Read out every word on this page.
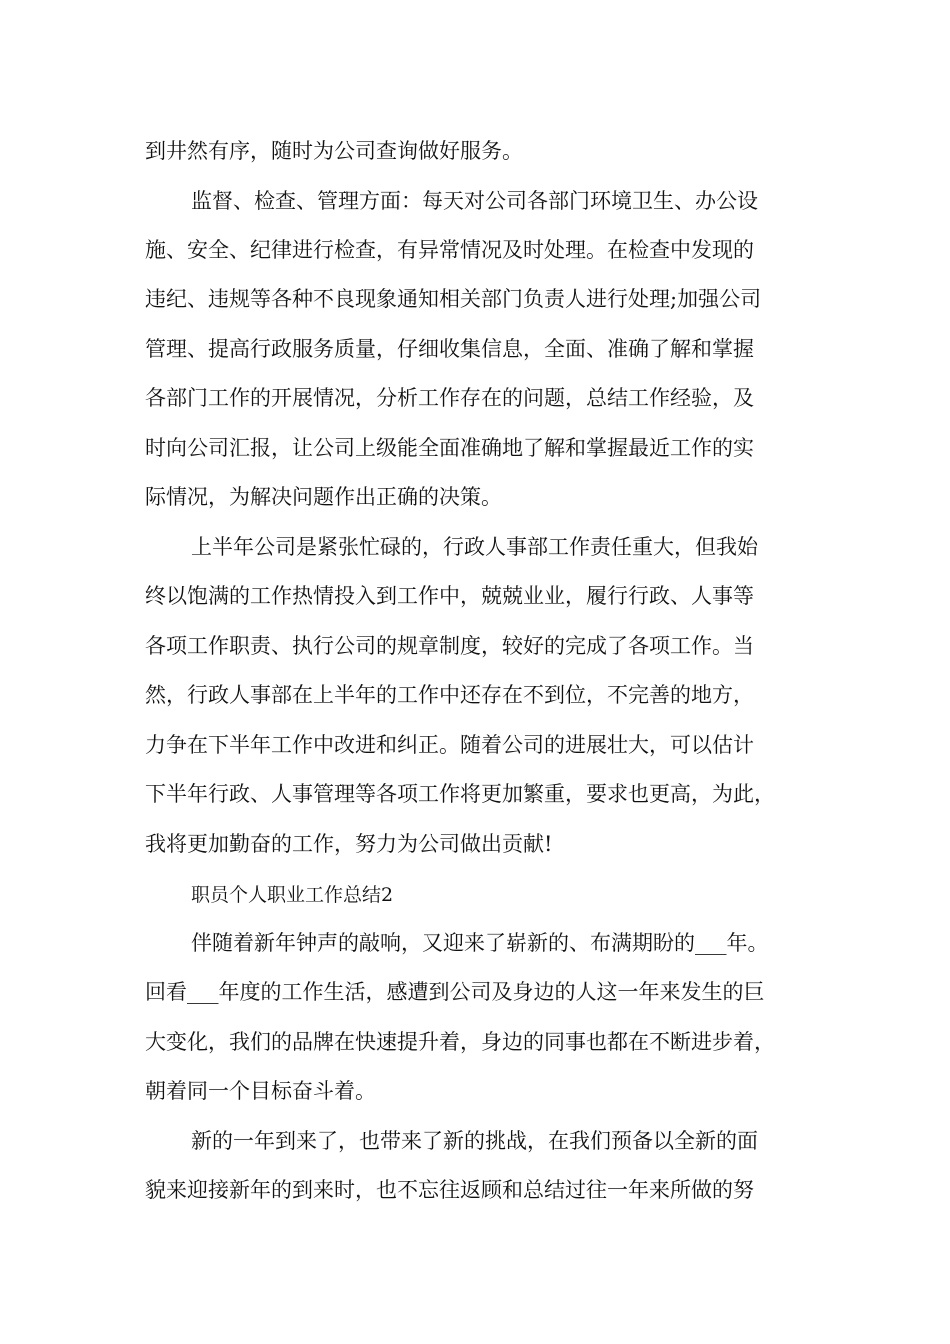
到井然有序，随时为公司查询做好服务。
监督、检查、管理方面：每天对公司各部门环境卫生、办公设
施、安全、纪律进行检查，有异常情况及时处理。在检查中发现的
违纪、违规等各种不良现象通知相关部门负责人进行处理;加强公司
管理、提高行政服务质量，仔细收集信息，全面、准确了解和掌握
各部门工作的开展情况，分析工作存在的问题，总结工作经验，及
时向公司汇报，让公司上级能全面准确地了解和掌握最近工作的实
际情况，为解决问题作出正确的决策。
上半年公司是紧张忙碌的，行政人事部工作责任重大，但我始
终以饱满的工作热情投入到工作中，兢兢业业，履行行政、人事等
各项工作职责、执行公司的规章制度，较好的完成了各项工作。当
然，行政人事部在上半年的工作中还存在不到位，不完善的地方，
力争在下半年工作中改进和纠正。随着公司的进展壮大，可以估计
下半年行政、人事管理等各项工作将更加繁重，要求也更高，为此，
我将更加勤奋的工作，努力为公司做出贡献!
职员个人职业工作总结2
伴随着新年钟声的敲响，又迎来了崭新的、布满期盼的___年。
回看___年度的工作生活，感遭到公司及身边的人这一年来发生的巨
大变化，我们的品牌在快速提升着，身边的同事也都在不断进步着，
朝着同一个目标奋斗着。
新的一年到来了，也带来了新的挑战，在我们预备以全新的面
貌来迎接新年的到来时，也不忘往返顾和总结过往一年来所做的努
